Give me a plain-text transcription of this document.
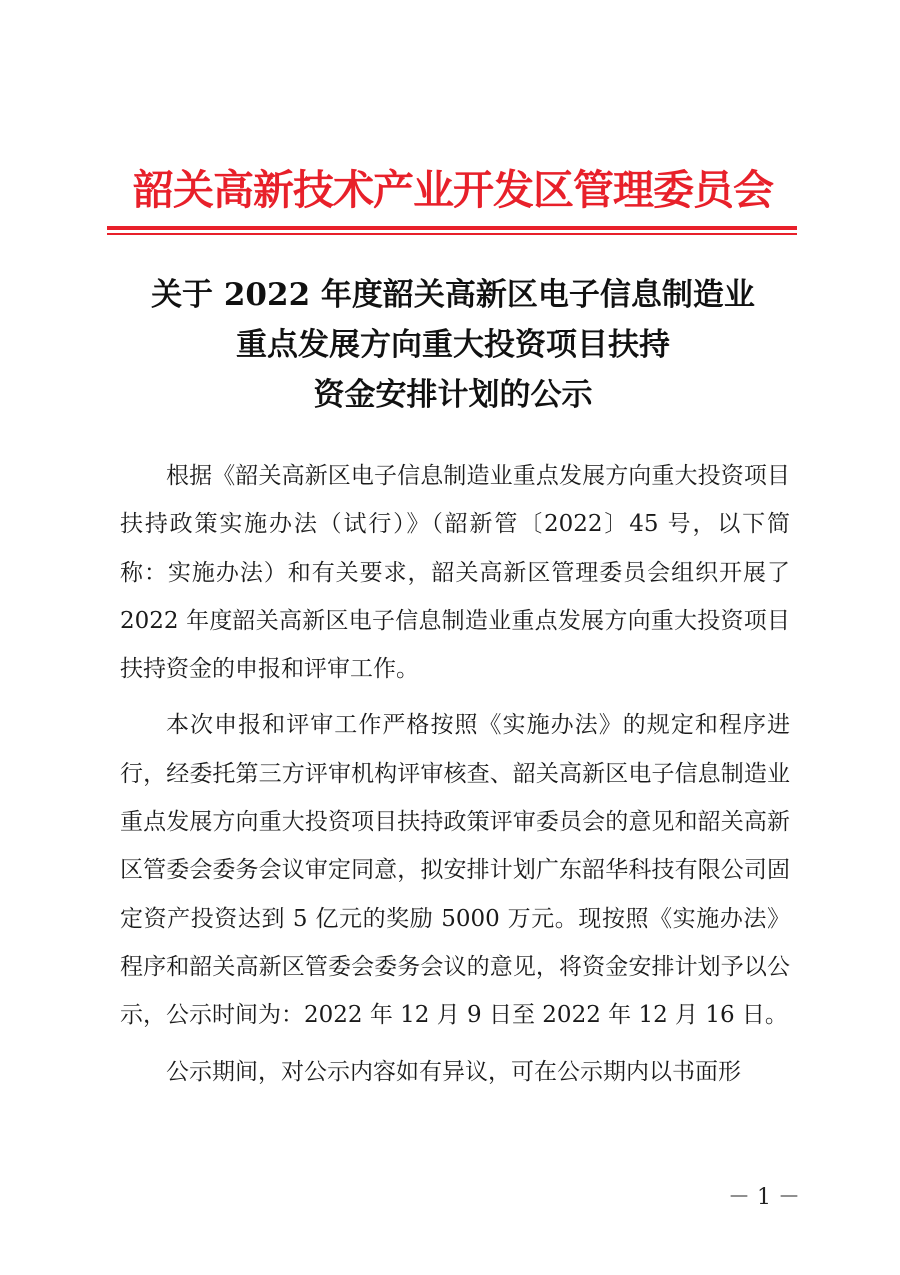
韶关高新技术产业开发区管理委员会
关于 2022 年度韶关高新区电子信息制造业
重点发展方向重大投资项目扶持
资金安排计划的公示

根据《韶关高新区电子信息制造业重点发展方向重大投资项目扶持政策实施办法（试行）》（韶新管〔2022〕45 号，以下简称：实施办法）和有关要求，韶关高新区管理委员会组织开展了 2022 年度韶关高新区电子信息制造业重点发展方向重大投资项目扶持资金的申报和评审工作。

本次申报和评审工作严格按照《实施办法》的规定和程序进行，经委托第三方评审机构评审核查、韶关高新区电子信息制造业重点发展方向重大投资项目扶持政策评审委员会的意见和韶关高新区管委会委务会议审定同意，拟安排计划广东韶华科技有限公司固定资产投资达到 5 亿元的奖励 5000 万元。现按照《实施办法》程序和韶关高新区管委会委务会议的意见，将资金安排计划予以公示，公示时间为：2022 年 12 月 9 日至 2022 年 12 月 16 日。

公示期间，对公示内容如有异议，可在公示期内以书面形

－ 1 －
